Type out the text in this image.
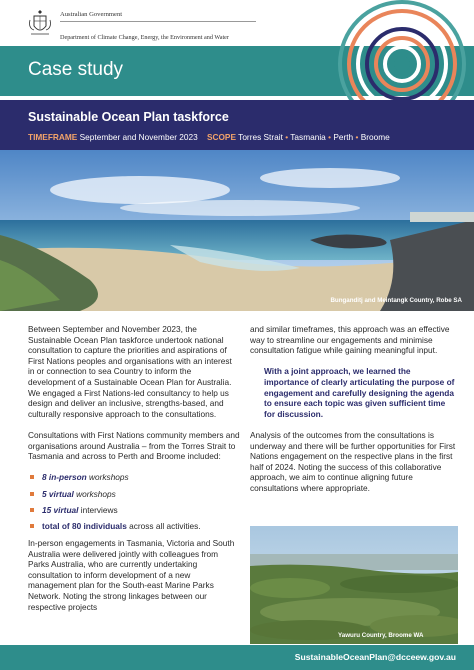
Australian Government
Department of Climate Change, Energy, the Environment and Water
Case study
Sustainable Ocean Plan taskforce
TIMEFRAME September and November 2023 SCOPE Torres Strait • Tasmania • Perth • Broome
Bunganditj and Meintangk Country, Robe SA

Between September and November 2023, the Sustainable Ocean Plan taskforce undertook national consultation to capture the priorities and aspirations of First Nations peoples and organisations with an interest in or connection to sea Country to inform the development of a Sustainable Ocean Plan for Australia. We engaged a First Nations-led consultancy to help us design and deliver an inclusive, strengths-based, and culturally responsive approach to the consultations.

Consultations with First Nations community members and organisations around Australia – from the Torres Strait to Tasmania and across to Perth and Broome included:

8 in-person workshops
5 virtual workshops
15 virtual interviews
total of 80 individuals across all activities.

In-person engagements in Tasmania, Victoria and South Australia were delivered jointly with colleagues from Parks Australia, who are currently undertaking consultation to inform development of a new management plan for the South-east Marine Parks Network. Noting the strong linkages between our respective projects

and similar timeframes, this approach was an effective way to streamline our engagements and minimise consultation fatigue while gaining meaningful input.

With a joint approach, we learned the importance of clearly articulating the purpose of engagement and carefully designing the agenda to ensure each topic was given sufficient time for discussion.

Analysis of the outcomes from the consultations is underway and there will be further opportunities for First Nations engagement on the respective plans in the first half of 2024. Noting the success of this collaborative approach, we aim to continue aligning future consultations where appropriate.

Yawuru Country, Broome WA
SustainableOceanPlan@dcceew.gov.au
